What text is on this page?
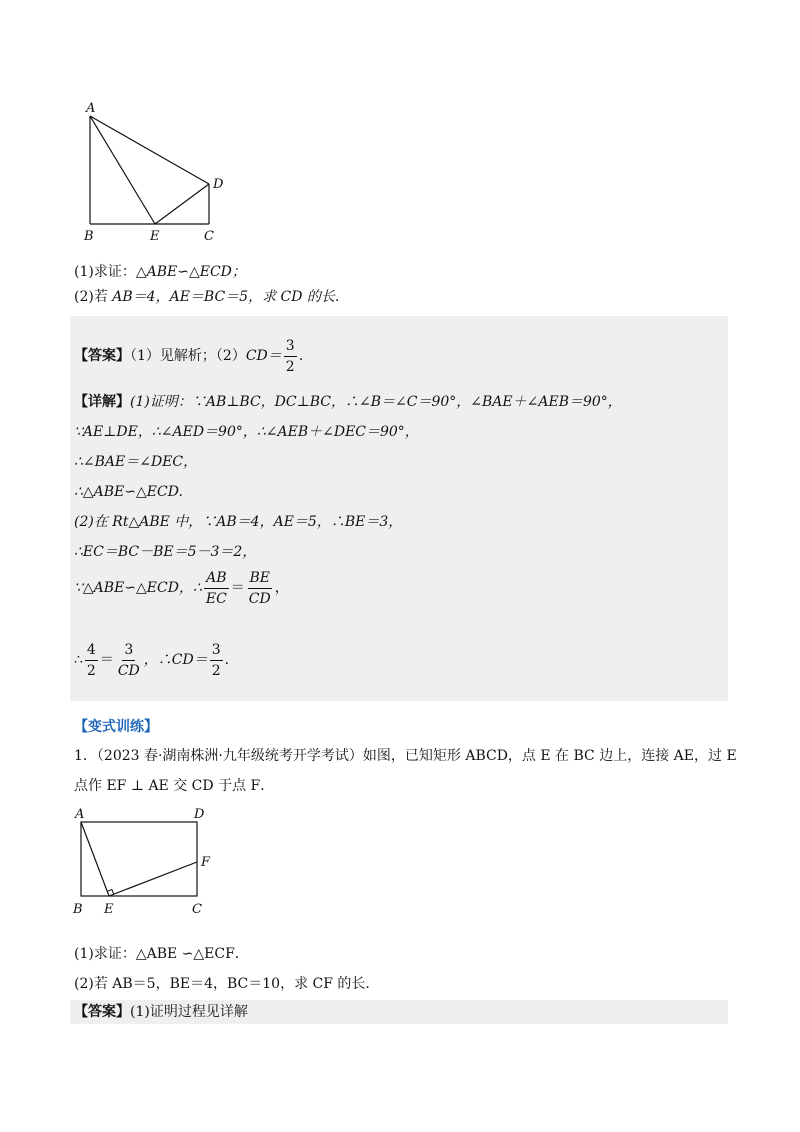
A
B	E	C
D
(1)求证：△ABE∽△ECD；
(2)若 AB＝4，AE＝BC＝5，求 CD 的长.
【答案】（1）见解析；$(2)CD= \frac{3}{2}$ .
【详解】(1)证明：∵AB⊥BC，DC⊥BC，∴∠B＝∠C＝90°，∠BAE＋∠AEB＝90°，
∵AE⊥DE，∴∠AED＝90°，∴∠AEB＋∠DEC＝90°，
∴∠BAE＝∠DEC，
∴△ABE∽△ECD.
(2)在 Rt△ABE 中，∵AB＝4，AE＝5，∴BE＝3，
∴EC＝BC－BE＝5－3＝2，
∵△ABE∽△ECD，∴ $\frac{AB}{EC} = \frac{BE}{CD}$ ，
∴ $\frac{4}{2} = \frac{3}{CD}$ ，∴CD＝ $\frac{3}{2}$ .
【变式训练】
1．（2023 春·湖南株洲·九年级统考开学考试）如图，已知矩形 ABCD，点 E 在 BC 边上，连接 AE，过 E
点作 EF ⊥ AE 交 CD 于点 F．
A	D
F
B E	C
(1)求证：△ABE ∽△ECF．
(2)若 AB＝5，BE＝4，BC＝10，求 CF 的长.
【答案】(1)证明过程见详解
